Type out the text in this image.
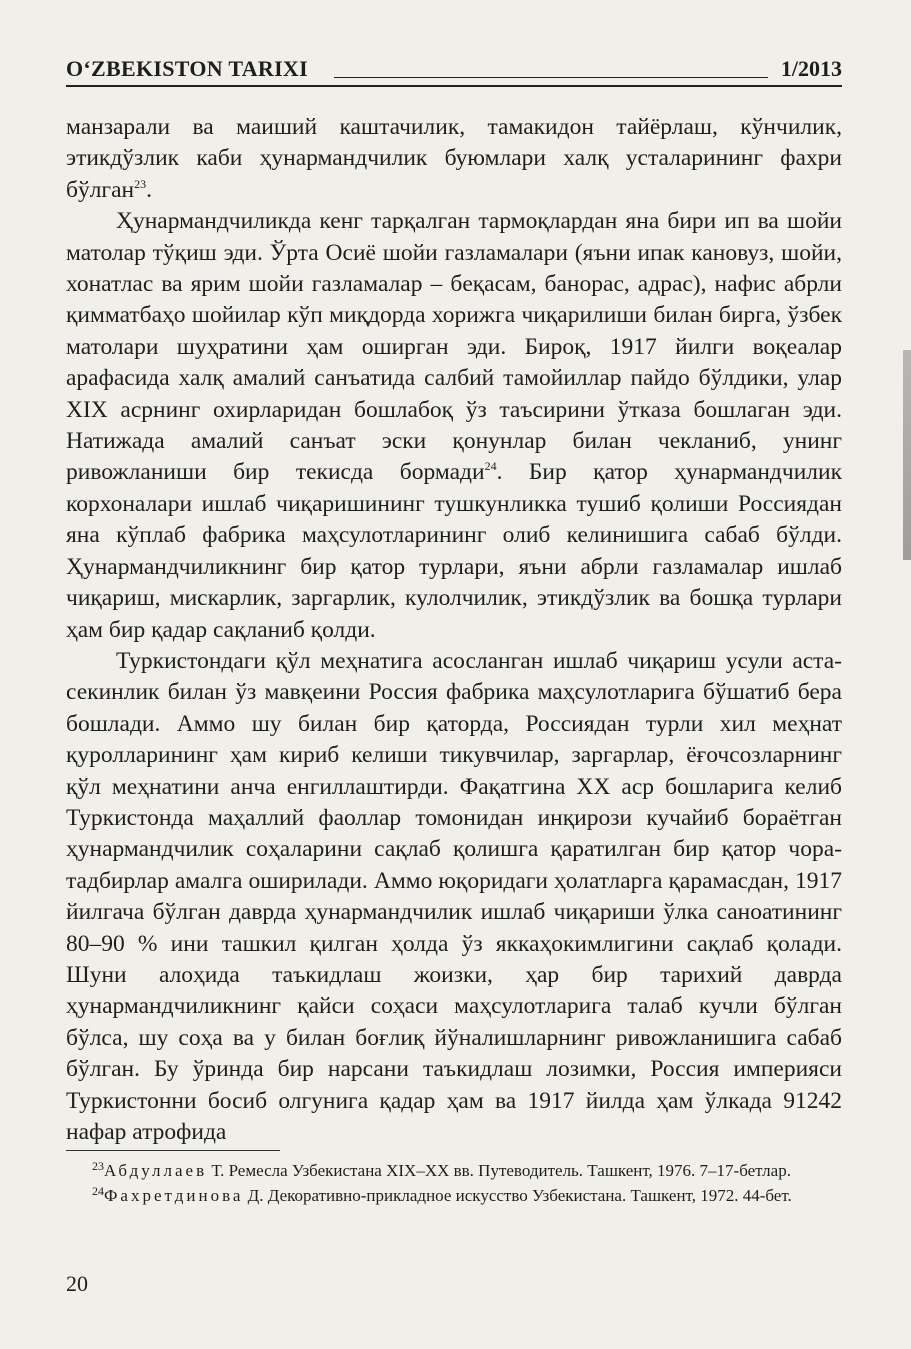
O‘ZBEKISTON TARIXI	1/2013

манзарали ва маиший каштачилик, тамакидон тайёрлаш, кўнчилик, этикдўзлик каби ҳунармандчилик буюмлари халқ усталарининг фахри бўлган$^{23}$.

Ҳунармандчиликда кенг тарқалган тармоқлардан яна бири ип ва шойи матолар тўқиш эди. Ўрта Осиё шойи газламалари (яъни ипак кановуз, шойи, хонатлас ва ярим шойи газламалар – бeқасам, банорас, адрас), нафис абрли қимматбаҳо шойилар кўп миқдорда хорижга чиқарилиши билан бирга, ўзбек матолари шуҳратини ҳам оширган эди. Бироқ, 1917 йилги воқеалар арафасида халқ амалий санъатида салбий тамойиллар пайдо бўлдики, улар XIX асрнинг охирларидан бошлабоқ ўз таъсирини ўтказа бошлаган эди. Натижада амалий санъат эски қонунлар билан чекланиб, унинг ривожланиши бир текисда бормади$^{24}$. Бир қатор ҳунармандчилик корхоналари ишлаб чиқаришининг тушкунликка тушиб қолиши Россиядан яна кўплаб фабрика маҳсулотларининг олиб келинишига сабаб бўлди. Ҳунармандчиликнинг бир қатор турлари, яъни абрли газламалар ишлаб чиқариш, мискарлик, заргарлик, кулолчилик, этикдўзлик ва бошқа турлари ҳам бир қадар сақланиб қолди.

Туркистондаги қўл меҳнатига асосланган ишлаб чиқариш усули аста-секинлик билан ўз мавқеини Россия фабрика маҳсулотларига бўшатиб бера бошлади. Аммо шу билан бир қаторда, Россиядан турли хил меҳнат қуролларининг ҳам кириб келиши тикувчилар, заргарлар, ёғочсозларнинг қўл меҳнатини анча енгиллаштирди. Фақатгина XX аср бошларига келиб Туркистонда маҳаллий фаоллар томонидан инқирози кучайиб бораётган ҳунармандчилик соҳаларини сақлаб қолишга қаратилган бир қатор чора-тадбирлар амалга оширилади. Аммо юқоридаги ҳолатларга қарамасдан, 1917 йилгача бўлган даврда ҳунармандчилик ишлаб чиқариши ўлка саноатининг 80–90 % ини ташкил қилган ҳолда ўз яккаҳокимлигини сақлаб қолади. Шуни алоҳида таъкидлаш жоизки, ҳар бир тарихий даврда ҳунармандчиликнинг қайси соҳаси маҳсулотларига талаб кучли бўлган бўлса, шу соҳа ва у билан боғлиқ йўналишларнинг ривожланишига сабаб бўлган. Бу ўринда бир нарсани таъкидлаш лозимки, Россия империяси Туркистонни босиб олгунига қадар ҳам ва 1917 йилда ҳам ўлкада 91242 нафар атрофида

$^{23}$Абдуллаев Т. Ремесла Узбекистана XIX–XX вв. Путеводитель. Ташкент, 1976. 7–17-бетлар.

$^{24}$Фахретдинова Д. Декоративно-прикладное искусство Узбекистана. Ташкент, 1972. 44-бет.

20
